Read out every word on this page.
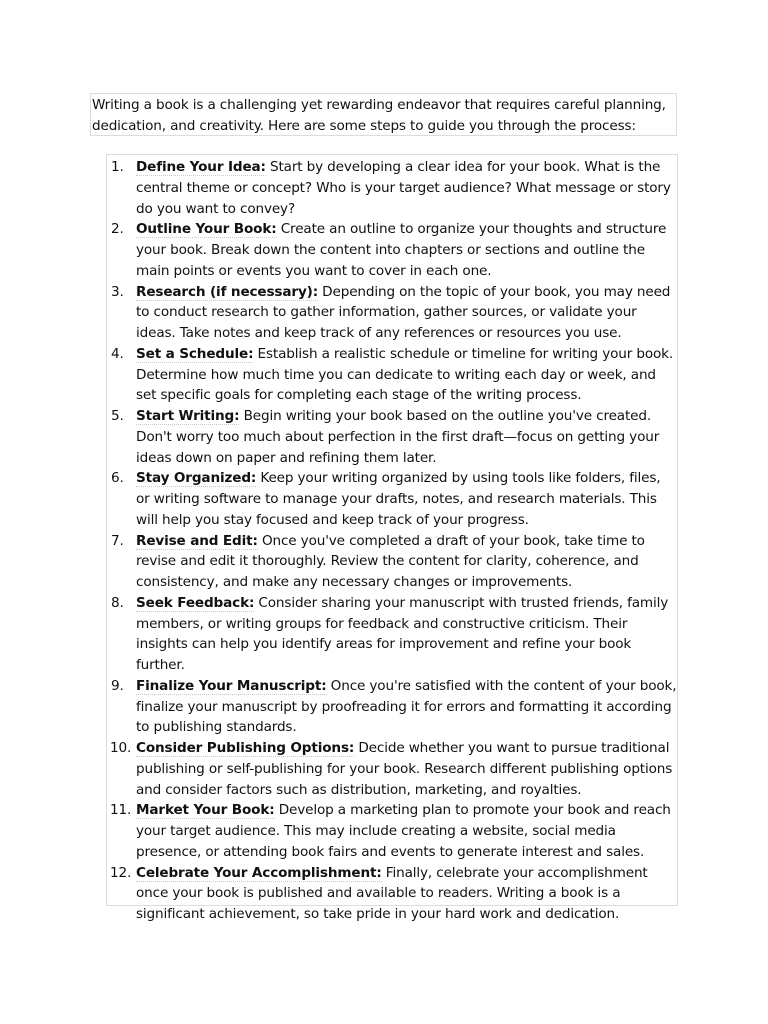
Writing a book is a challenging yet rewarding endeavor that requires careful planning, dedication, and creativity. Here are some steps to guide you through the process:
1. Define Your Idea: Start by developing a clear idea for your book. What is the central theme or concept? Who is your target audience? What message or story do you want to convey?
2. Outline Your Book: Create an outline to organize your thoughts and structure your book. Break down the content into chapters or sections and outline the main points or events you want to cover in each one.
3. Research (if necessary): Depending on the topic of your book, you may need to conduct research to gather information, gather sources, or validate your ideas. Take notes and keep track of any references or resources you use.
4. Set a Schedule: Establish a realistic schedule or timeline for writing your book. Determine how much time you can dedicate to writing each day or week, and set specific goals for completing each stage of the writing process.
5. Start Writing: Begin writing your book based on the outline you've created. Don't worry too much about perfection in the first draft—focus on getting your ideas down on paper and refining them later.
6. Stay Organized: Keep your writing organized by using tools like folders, files, or writing software to manage your drafts, notes, and research materials. This will help you stay focused and keep track of your progress.
7. Revise and Edit: Once you've completed a draft of your book, take time to revise and edit it thoroughly. Review the content for clarity, coherence, and consistency, and make any necessary changes or improvements.
8. Seek Feedback: Consider sharing your manuscript with trusted friends, family members, or writing groups for feedback and constructive criticism. Their insights can help you identify areas for improvement and refine your book further.
9. Finalize Your Manuscript: Once you're satisfied with the content of your book, finalize your manuscript by proofreading it for errors and formatting it according to publishing standards.
10. Consider Publishing Options: Decide whether you want to pursue traditional publishing or self-publishing for your book. Research different publishing options and consider factors such as distribution, marketing, and royalties.
11. Market Your Book: Develop a marketing plan to promote your book and reach your target audience. This may include creating a website, social media presence, or attending book fairs and events to generate interest and sales.
12. Celebrate Your Accomplishment: Finally, celebrate your accomplishment once your book is published and available to readers. Writing a book is a significant achievement, so take pride in your hard work and dedication.
